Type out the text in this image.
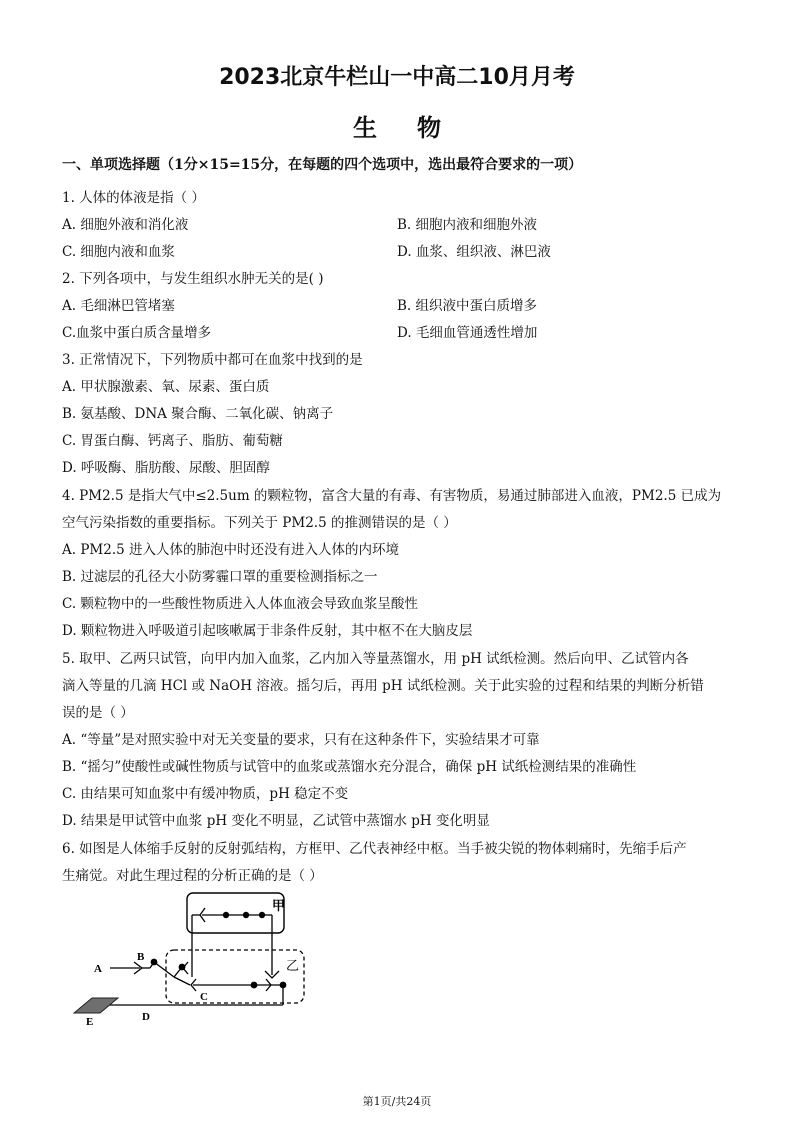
2023北京牛栏山一中高二10月月考
生物
一、单项选择题（1分×15=15分，在每题的四个选项中，选出最符合要求的一项）
1. 人体的体液是指（ ）
A. 细胞外液和消化液	B. 细胞内液和细胞外液
C. 细胞内液和血浆	D. 血浆、组织液、淋巴液
2. 下列各项中，与发生组织水肿无关的是( )
A. 毛细淋巴管堵塞	B. 组织液中蛋白质增多
C.血浆中蛋白质含量增多	D. 毛细血管通透性增加
3. 正常情况下，下列物质中都可在血浆中找到的是
A. 甲状腺激素、氧、尿素、蛋白质
B. 氨基酸、DNA 聚合酶、二氧化碳、钠离子
C. 胃蛋白酶、钙离子、脂肪、葡萄糖
D. 呼吸酶、脂肪酸、尿酸、胆固醇
4. PM2.5 是指大气中≤2.5um 的颗粒物，富含大量的有毒、有害物质，易通过肺部进入血液，PM2.5 已成为
空气污染指数的重要指标。下列关于 PM2.5 的推测错误的是（ ）
A. PM2.5 进入人体的肺泡中时还没有进入人体的内环境
B. 过滤层的孔径大小防雾霾口罩的重要检测指标之一
C. 颗粒物中的一些酸性物质进入人体血液会导致血浆呈酸性
D. 颗粒物进入呼吸道引起咳嗽属于非条件反射，其中枢不在大脑皮层
5. 取甲、乙两只试管，向甲内加入血浆，乙内加入等量蒸馏水，用 pH 试纸检测。然后向甲、乙试管内各
滴入等量的几滴 HCl 或 NaOH 溶液。摇匀后，再用 pH 试纸检测。关于此实验的过程和结果的判断分析错
误的是（ ）
A. “等量”是对照实验中对无关变量的要求，只有在这种条件下，实验结果才可靠
B. “摇匀”使酸性或碱性物质与试管中的血浆或蒸馏水充分混合，确保 pH 试纸检测结果的准确性
C. 由结果可知血浆中有缓冲物质，pH 稳定不变
D. 结果是甲试管中血浆 pH 变化不明显，乙试管中蒸馏水 pH 变化明显
6. 如图是人体缩手反射的反射弧结构，方框甲、乙代表神经中枢。当手被尖锐的物体刺痛时，先缩手后产
生痛觉。对此生理过程的分析正确的是（ ）
甲
乙
A
B
C
D
E
第1页/共24页
